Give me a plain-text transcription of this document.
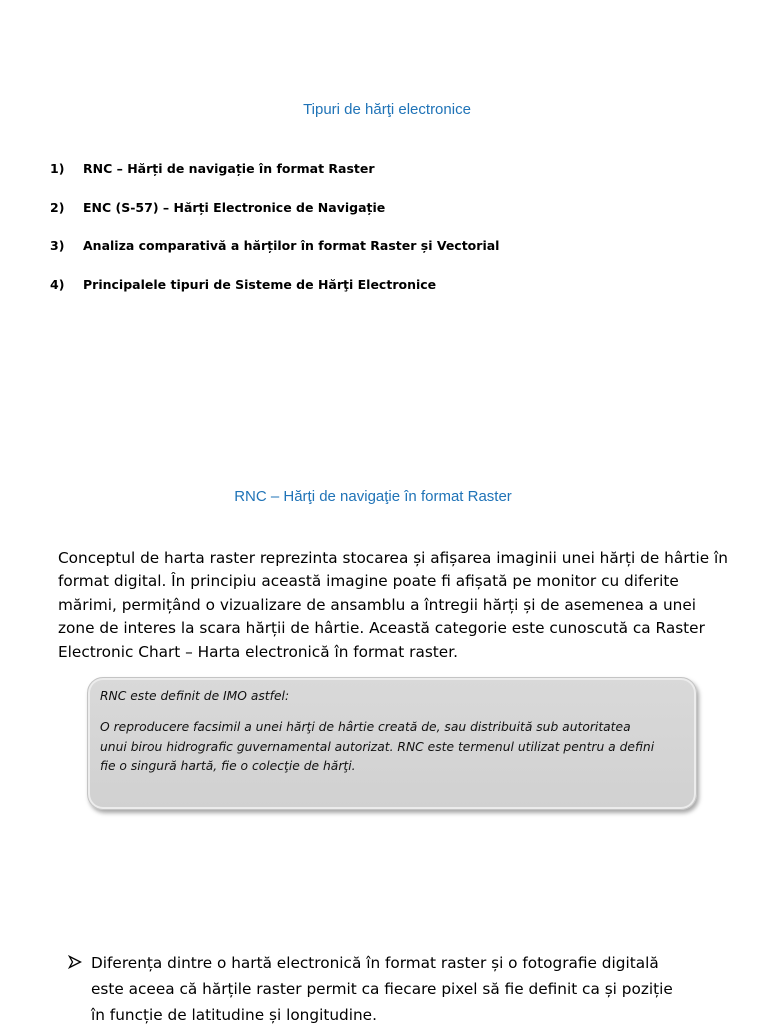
Tipuri de hărţi electronice
1) RNC – Hărți de navigație în format Raster
2) ENC (S-57) – Hărți Electronice de Navigație
3) Analiza comparativă a hărților în format Raster și Vectorial
4) Principalele tipuri de Sisteme de Hărţi Electronice
RNC – Hărţi de navigaţie în format Raster
Conceptul de harta raster reprezinta stocarea și afișarea imaginii unei hărți de hârtie în
format digital. În principiu această imagine poate fi afișată pe monitor cu diferite
mărimi, permițând o vizualizare de ansamblu a întregii hărți și de asemenea a unei
zone de interes la scara hărții de hârtie. Această categorie este cunoscută ca Raster
Electronic Chart – Harta electronică în format raster.
RNC este definit de IMO astfel:
O reproducere facsimil a unei hărţi de hârtie creată de, sau distribuită sub autoritatea
unui birou hidrografic guvernamental autorizat. RNC este termenul utilizat pentru a defini
fie o singură hartă, fie o colecţie de hărţi.
Diferența dintre o hartă electronică în format raster și o fotografie digitală
este aceea că hărțile raster permit ca fiecare pixel să fie definit ca și poziție
în funcție de latitudine și longitudine.
